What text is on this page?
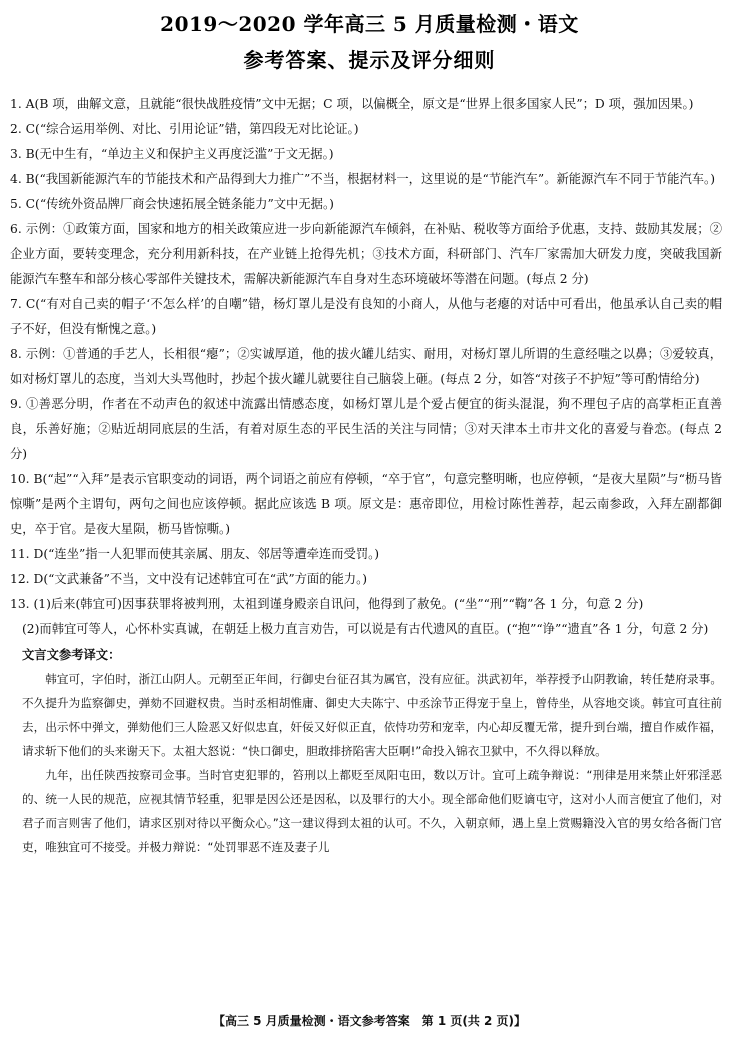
2019～2020 学年高三 5 月质量检测・语文
参考答案、提示及评分细则
1. A(B 项，曲解文意，且就能“很快战胜疫情”文中无据；C 项，以偏概全，原文是“世界上很多国家人民”；D 项，强加因果。)
2. C(“综合运用举例、对比、引用论证”错，第四段无对比论证。)
3. B(无中生有，“单边主义和保护主义再度泛滥”于文无据。)
4. B(“我国新能源汽车的节能技术和产品得到大力推广”不当，根据材料一，这里说的是“节能汽车”。新能源汽车不同于节能汽车。)
5. C(“传统外资品牌厂商会快速拓展全链条能力”文中无据。)
6. 示例：①政策方面，国家和地方的相关政策应进一步向新能源汽车倾斜，在补贴、税收等方面给予优惠，支持、鼓励其发展；②企业方面，要转变理念，充分利用新科技，在产业链上抢得先机；③技术方面，科研部门、汽车厂家需加大研发力度，突破我国新能源汽车整车和部分核心零部件关键技术，需解决新能源汽车自身对生态环境破坏等潜在问题。(每点 2 分)
7. C(“有对自己卖的帽子‘不怎么样’的自嘲”错，杨灯罩儿是没有良知的小商人，从他与老瘪的对话中可看出，他虽承认自己卖的帽子不好，但没有惭愧之意。)
8. 示例：①普通的手艺人，长相很“瘪”；②实诚厚道，他的拔火罐儿结实、耐用，对杨灯罩儿所谓的生意经嗤之以鼻；③爱较真，如对杨灯罩儿的态度，当刘大头骂他时，抄起个拔火罐儿就要往自己脑袋上砸。(每点 2 分，如答“对孩子不护短”等可酌情给分)
9. ①善恶分明，作者在不动声色的叙述中流露出情感态度，如杨灯罩儿是个爱占便宜的街头混混，狗不理包子店的高掌柜正直善良，乐善好施；②贴近胡同底层的生活，有着对原生态的平民生活的关注与同情；③对天津本土市井文化的喜爱与眷恋。(每点 2 分)
10. B(“起”“入拜”是表示官职变动的词语，两个词语之前应有停顿，“卒于官”，句意完整明晰，也应停顿，“是夜大星陨”与“枥马皆惊嘶”是两个主谓句，两句之间也应该停顿。据此应该选 B 项。原文是：惠帝即位，用检讨陈性善荐，起云南参政，入拜左副都御史，卒于官。是夜大星陨，枥马皆惊嘶。)
11. D(“连坐”指一人犯罪而使其亲属、朋友、邻居等遭牵连而受罚。)
12. D(“文武兼备”不当，文中没有记述韩宜可在“武”方面的能力。)
13. (1)后来(韩宜可)因事获罪将被判刑，太祖到谨身殿亲自讯问，他得到了赦免。(“坐”“刑”“鞫”各 1 分，句意 2 分)
(2)而韩宜可等人，心怀朴实真诚，在朝廷上极力直言劝告，可以说是有古代遗风的直臣。(“抱”“诤”“遗直”各 1 分，句意 2 分)
文言文参考译文：
韩宜可，字伯时，浙江山阴人。元朝至正年间，行御史台征召其为属官，没有应征。洪武初年，举荐授予山阴教谕，转任楚府录事。不久提升为监察御史，弹劾不回避权贵。当时丞相胡惟庸、御史大夫陈宁、中丞涂节正得宠于皇上，曾侍坐，从容地交谈。韩宜可直往前去，出示怀中弹文，弹劾他们三人险恶又好似忠直，奸佞又好似正直，依恃功劳和宠幸，内心却反覆无常，提升到台端，擅自作威作福，请求斩下他们的头来谢天下。太祖大怒说：“快口御史，胆敢排挤陷害大臣啊!”命投入锦衣卫狱中，不久得以释放。
九年，出任陕西按察司佥事。当时官吏犯罪的，笞刑以上都贬至凤阳屯田，数以万计。宜可上疏争辩说：“刑律是用来禁止奸邪淫恶的、统一人民的规范，应视其情节轻重，犯罪是因公还是因私，以及罪行的大小。现全部命他们贬谪屯守，这对小人而言便宜了他们，对君子而言则害了他们，请求区别对待以平衡众心。”这一建议得到太祖的认可。不久，入朝京师，遇上皇上赏赐籍没入官的男女给各衙门官吏，唯独宜可不接受。并极力辩说：“处罚罪恶不连及妻子儿
【高三 5 月质量检测・语文参考答案　第 1 页(共 2 页)】
